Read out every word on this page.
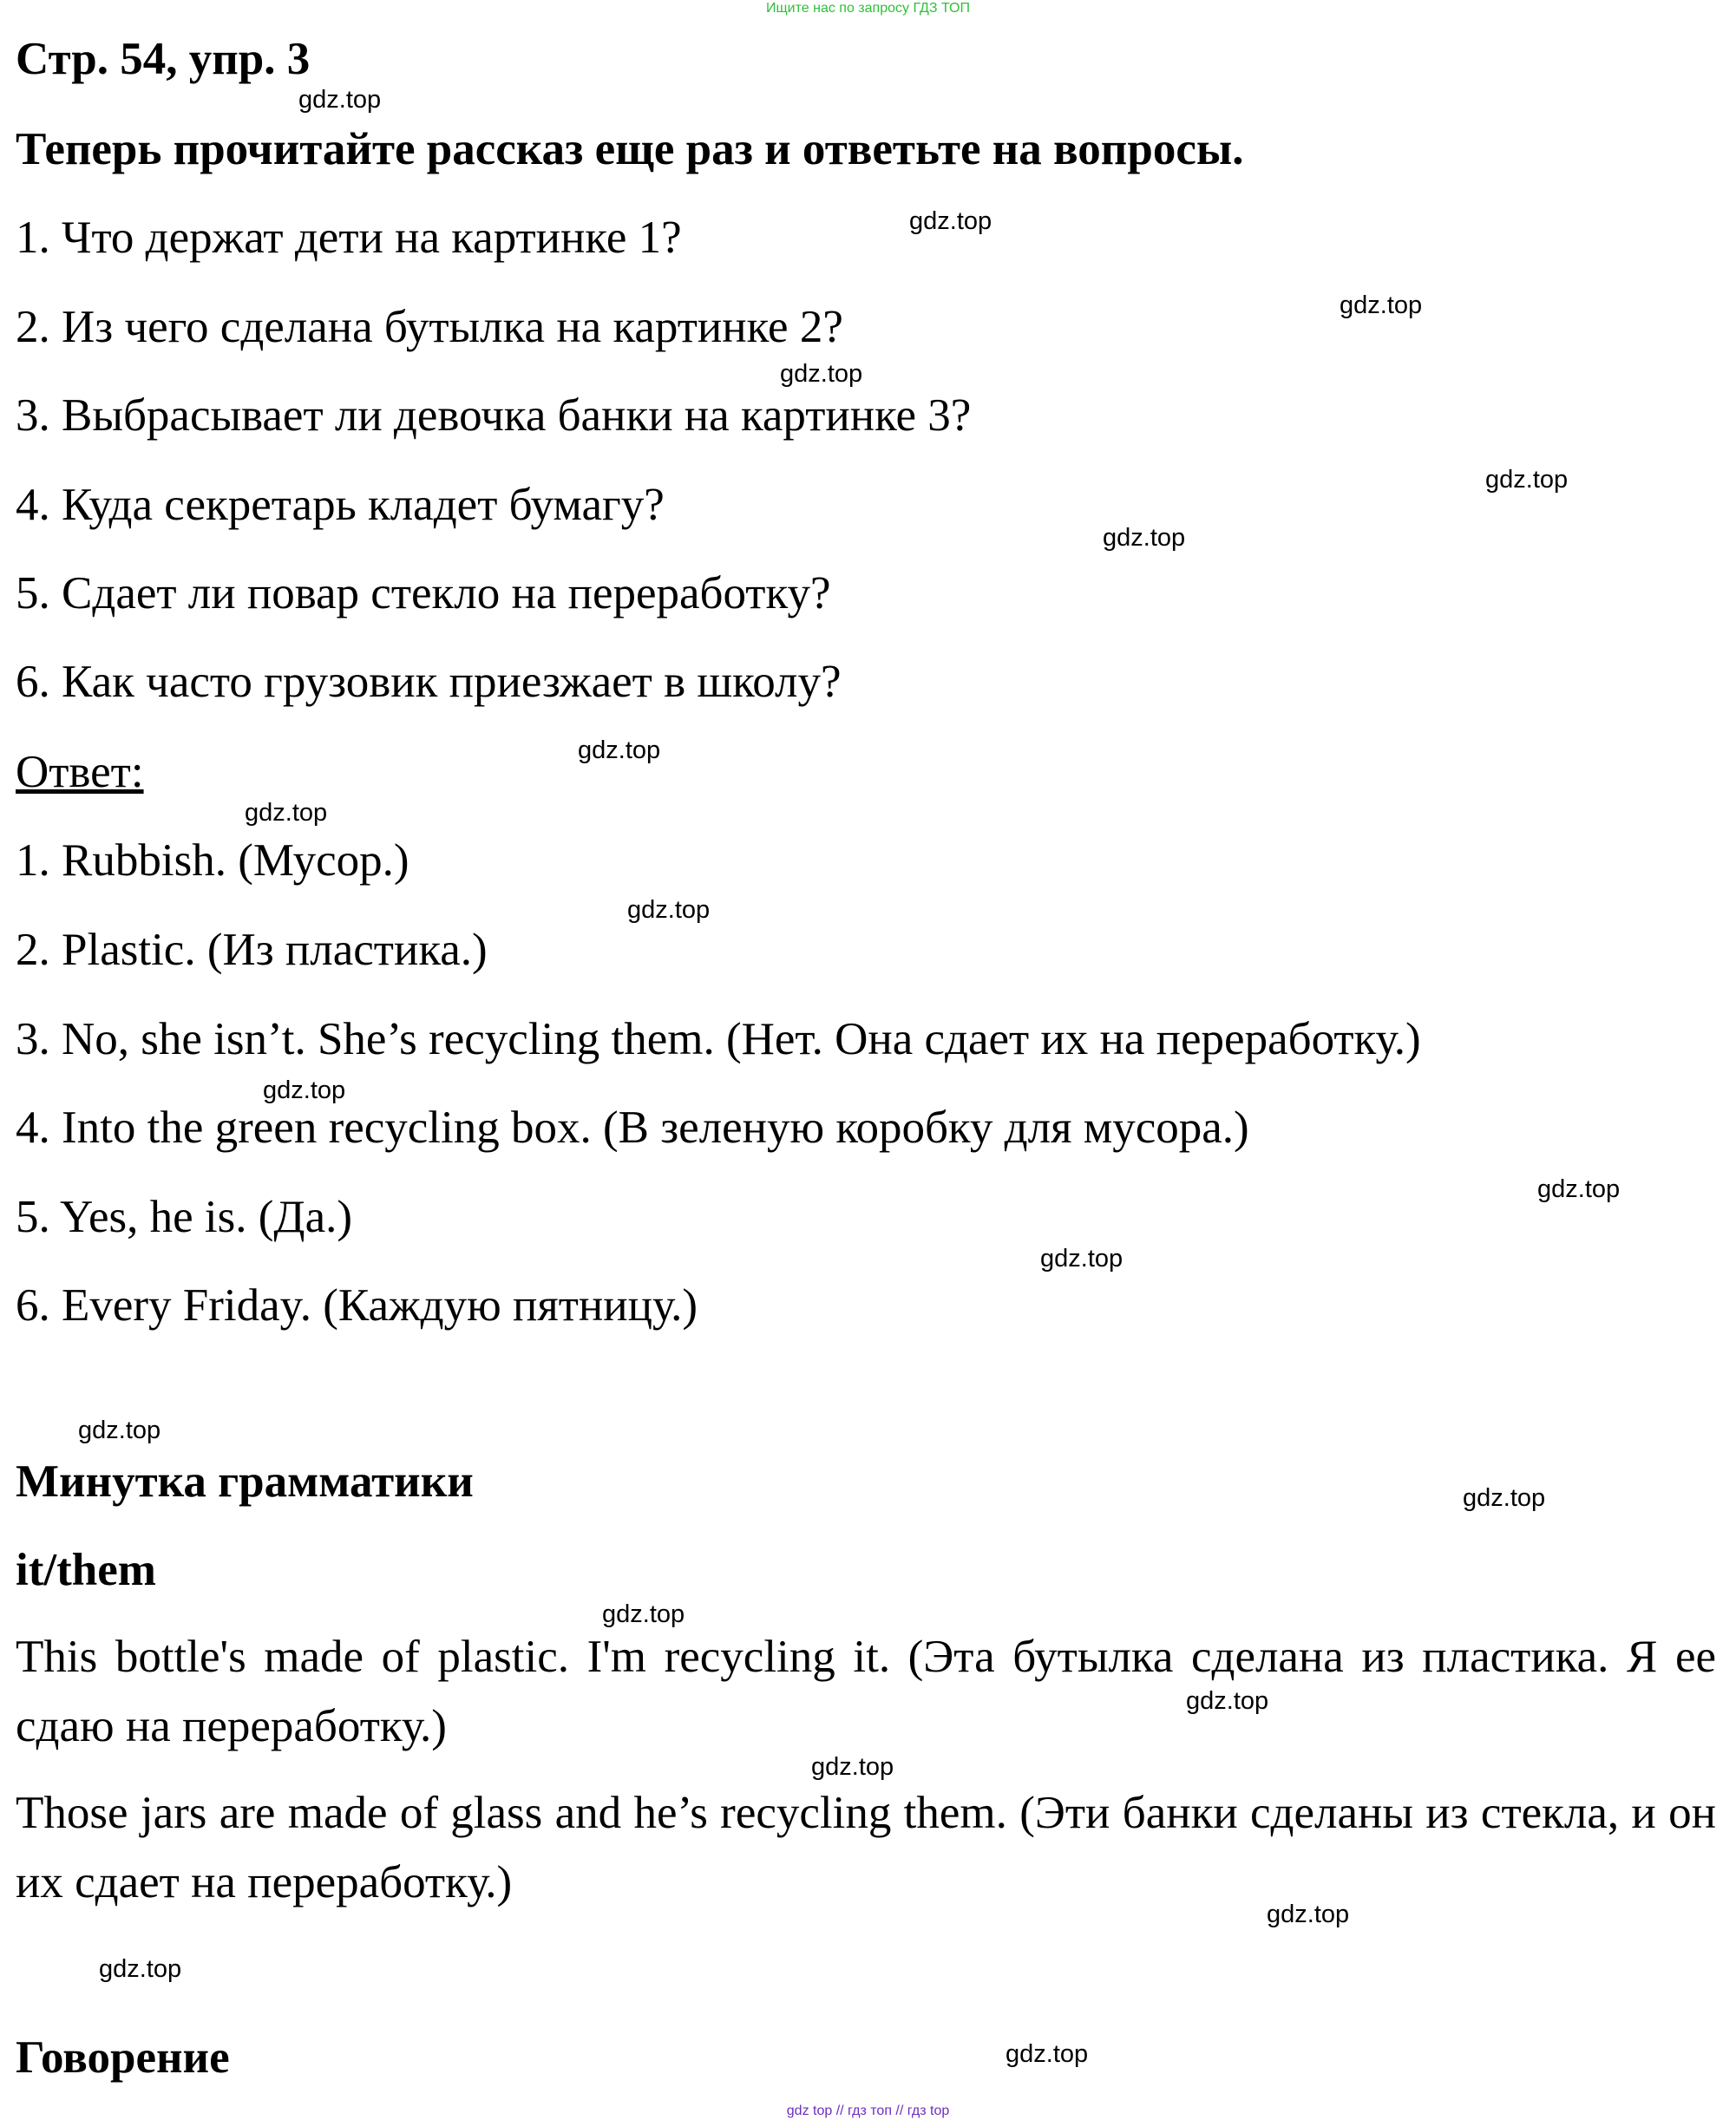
Ищите нас по запросу ГДЗ ТОП
Стр. 54, упр. 3
Теперь прочитайте рассказ еще раз и ответьте на вопросы.
1. Что держат дети на картинке 1?
2. Из чего сделана бутылка на картинке 2?
3. Выбрасывает ли девочка банки на картинке 3?
4. Куда секретарь кладет бумагу?
5. Сдает ли повар стекло на переработку?
6. Как часто грузовик приезжает в школу?
Ответ:
1. Rubbish. (Мусор.)
2. Plastic. (Из пластика.)
3. No, she isn’t. She’s recycling them. (Нет. Она сдает их на переработку.)
4. Into the green recycling box. (В зеленую коробку для мусора.)
5. Yes, he is. (Да.)
6. Every Friday. (Каждую пятницу.)
Минутка грамматики
it/them
This bottle's made of plastic. I'm recycling it. (Эта бутылка сделана из пластика. Я ее сдаю на переработку.)
Those jars are made of glass and he’s recycling them. (Эти банки сделаны из стекла, и он их сдает на переработку.)
Говорение
gdz.top
gdz.top
gdz.top
gdz.top
gdz.top
gdz.top
gdz.top
gdz.top
gdz.top
gdz.top
gdz.top
gdz.top
gdz.top
gdz.top
gdz.top
gdz.top
gdz.top
gdz.top
gdz.top
gdz.top
gdz top // гдз топ // гдз top
